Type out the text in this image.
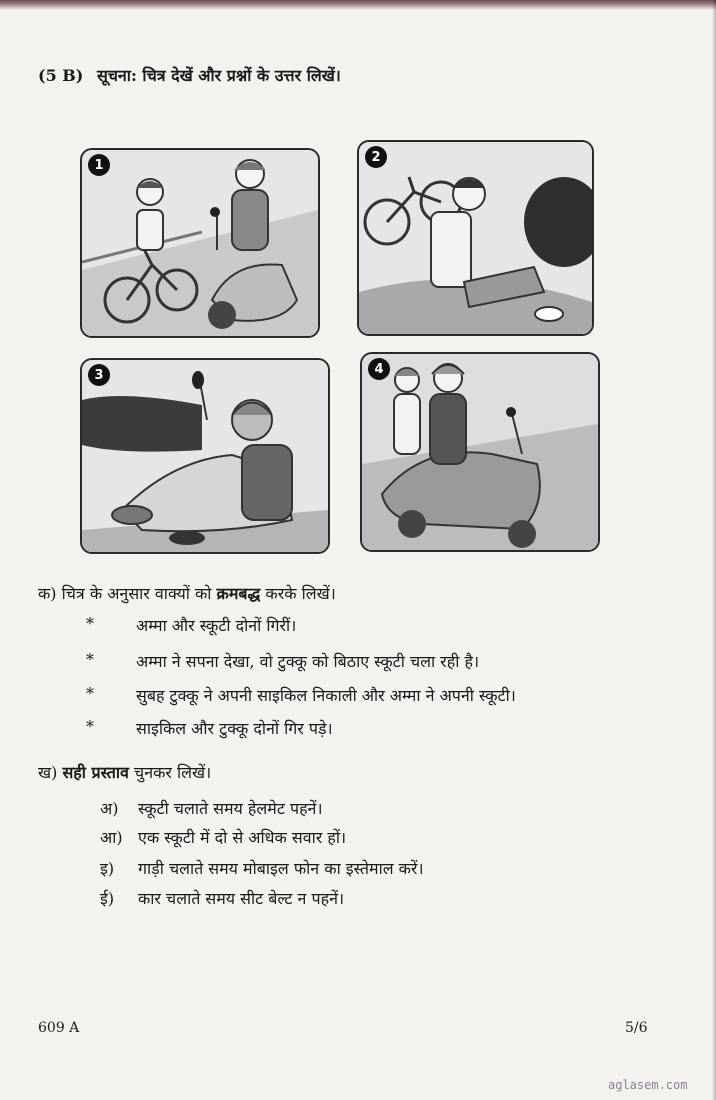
(5 B) सूचना: चित्र देखें और प्रश्नों के उत्तर लिखें।
1
2
3	4
क) चित्र के अनुसार वाक्यों को क्रमबद्ध करके लिखें।
*	अम्मा और स्कूटी दोनों गिरीं।
*	अम्मा ने सपना देखा, वो टुक्कू को बिठाए स्कूटी चला रही है।
*	सुबह टुक्कू ने अपनी साइकिल निकाली और अम्मा ने अपनी स्कूटी।
*	साइकिल और टुक्कू दोनों गिर पड़े।
ख) सही प्रस्ताव चुनकर लिखें।
अ) स्कूटी चलाते समय हेलमेट पहनें।
आ) एक स्कूटी में दो से अधिक सवार हों।
इ) गाड़ी चलाते समय मोबाइल फोन का इस्तेमाल करें।
ई) कार चलाते समय सीट बेल्ट न पहनें।
609 A	5/6
aglasem.com
